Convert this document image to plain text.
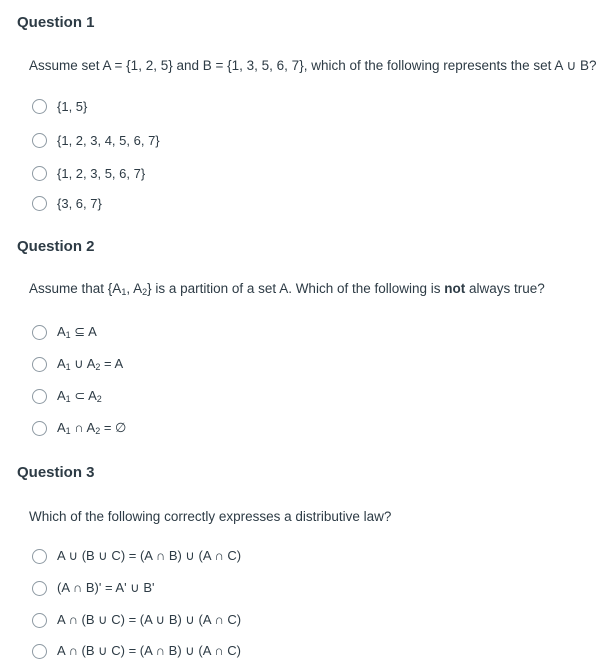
Question 1

Assume set A = {1, 2, 5} and B = {1, 3, 5, 6, 7}, which of the following represents the set A ∪ B?

{1, 5}
{1, 2, 3, 4, 5, 6, 7}
{1, 2, 3, 5, 6, 7}
{3, 6, 7}
Question 2

Assume that {$A_1$, $A_2$} is a partition of a set A. Which of the following is not always true?

$A_1$ ⊆ A
$A_1$ ∪ $A_2 = A$
$A_1$ ⊂ $A_2$
$A_1$ ∩ $A_2$ = ∅
Question 3

Which of the following correctly expresses a distributive law?

A ∪ (B ∪ C) = (A ∩ B) ∪ (A ∩ C)
(A ∩ B)' = A' ∪ B'
A ∩ (B ∪ C) = (A ∪ B) ∪ (A ∩ C)
A ∩ (B ∪ C) = (A ∩ B) ∪ (A ∩ C)
